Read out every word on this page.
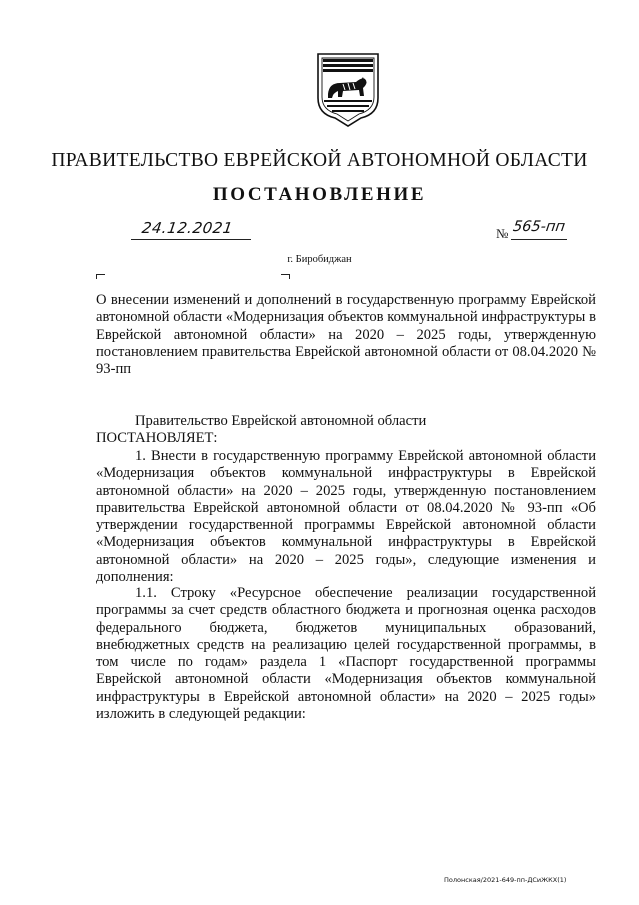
ПРАВИТЕЛЬСТВО ЕВРЕЙСКОЙ АВТОНОМНОЙ ОБЛАСТИ
ПОСТАНОВЛЕНИЕ
24.12.2021	№ 565-пп
г. Биробиджан

О внесении изменений и дополнений в государственную программу Еврейской автономной области «Модернизация объектов коммунальной инфраструктуры в Еврейской автономной области» на 2020 – 2025 годы, утвержденную постановлением правительства Еврейской автономной области от 08.04.2020 № 93-пп

Правительство Еврейской автономной области

ПОСТАНОВЛЯЕТ:

1. Внести в государственную программу Еврейской автономной области «Модернизация объектов коммунальной инфраструктуры в Еврейской автономной области» на 2020 – 2025 годы, утвержденную постановлением правительства Еврейской автономной области от 08.04.2020 № 93-пп «Об утверждении государственной программы Еврейской автономной области «Модернизация объектов коммунальной инфраструктуры в Еврейской автономной области» на 2020 – 2025 годы», следующие изменения и дополнения:

1.1. Строку «Ресурсное обеспечение реализации государственной программы за счет средств областного бюджета и прогнозная оценка расходов федерального бюджета, бюджетов муниципальных образований, внебюджетных средств на реализацию целей государственной программы, в том числе по годам» раздела 1 «Паспорт государственной программы Еврейской автономной области «Модернизация объектов коммунальной инфраструктуры в Еврейской автономной области» на 2020 – 2025 годы» изложить в следующей редакции:

Полонская/2021-649-пп-ДСиЖКХ(1)
